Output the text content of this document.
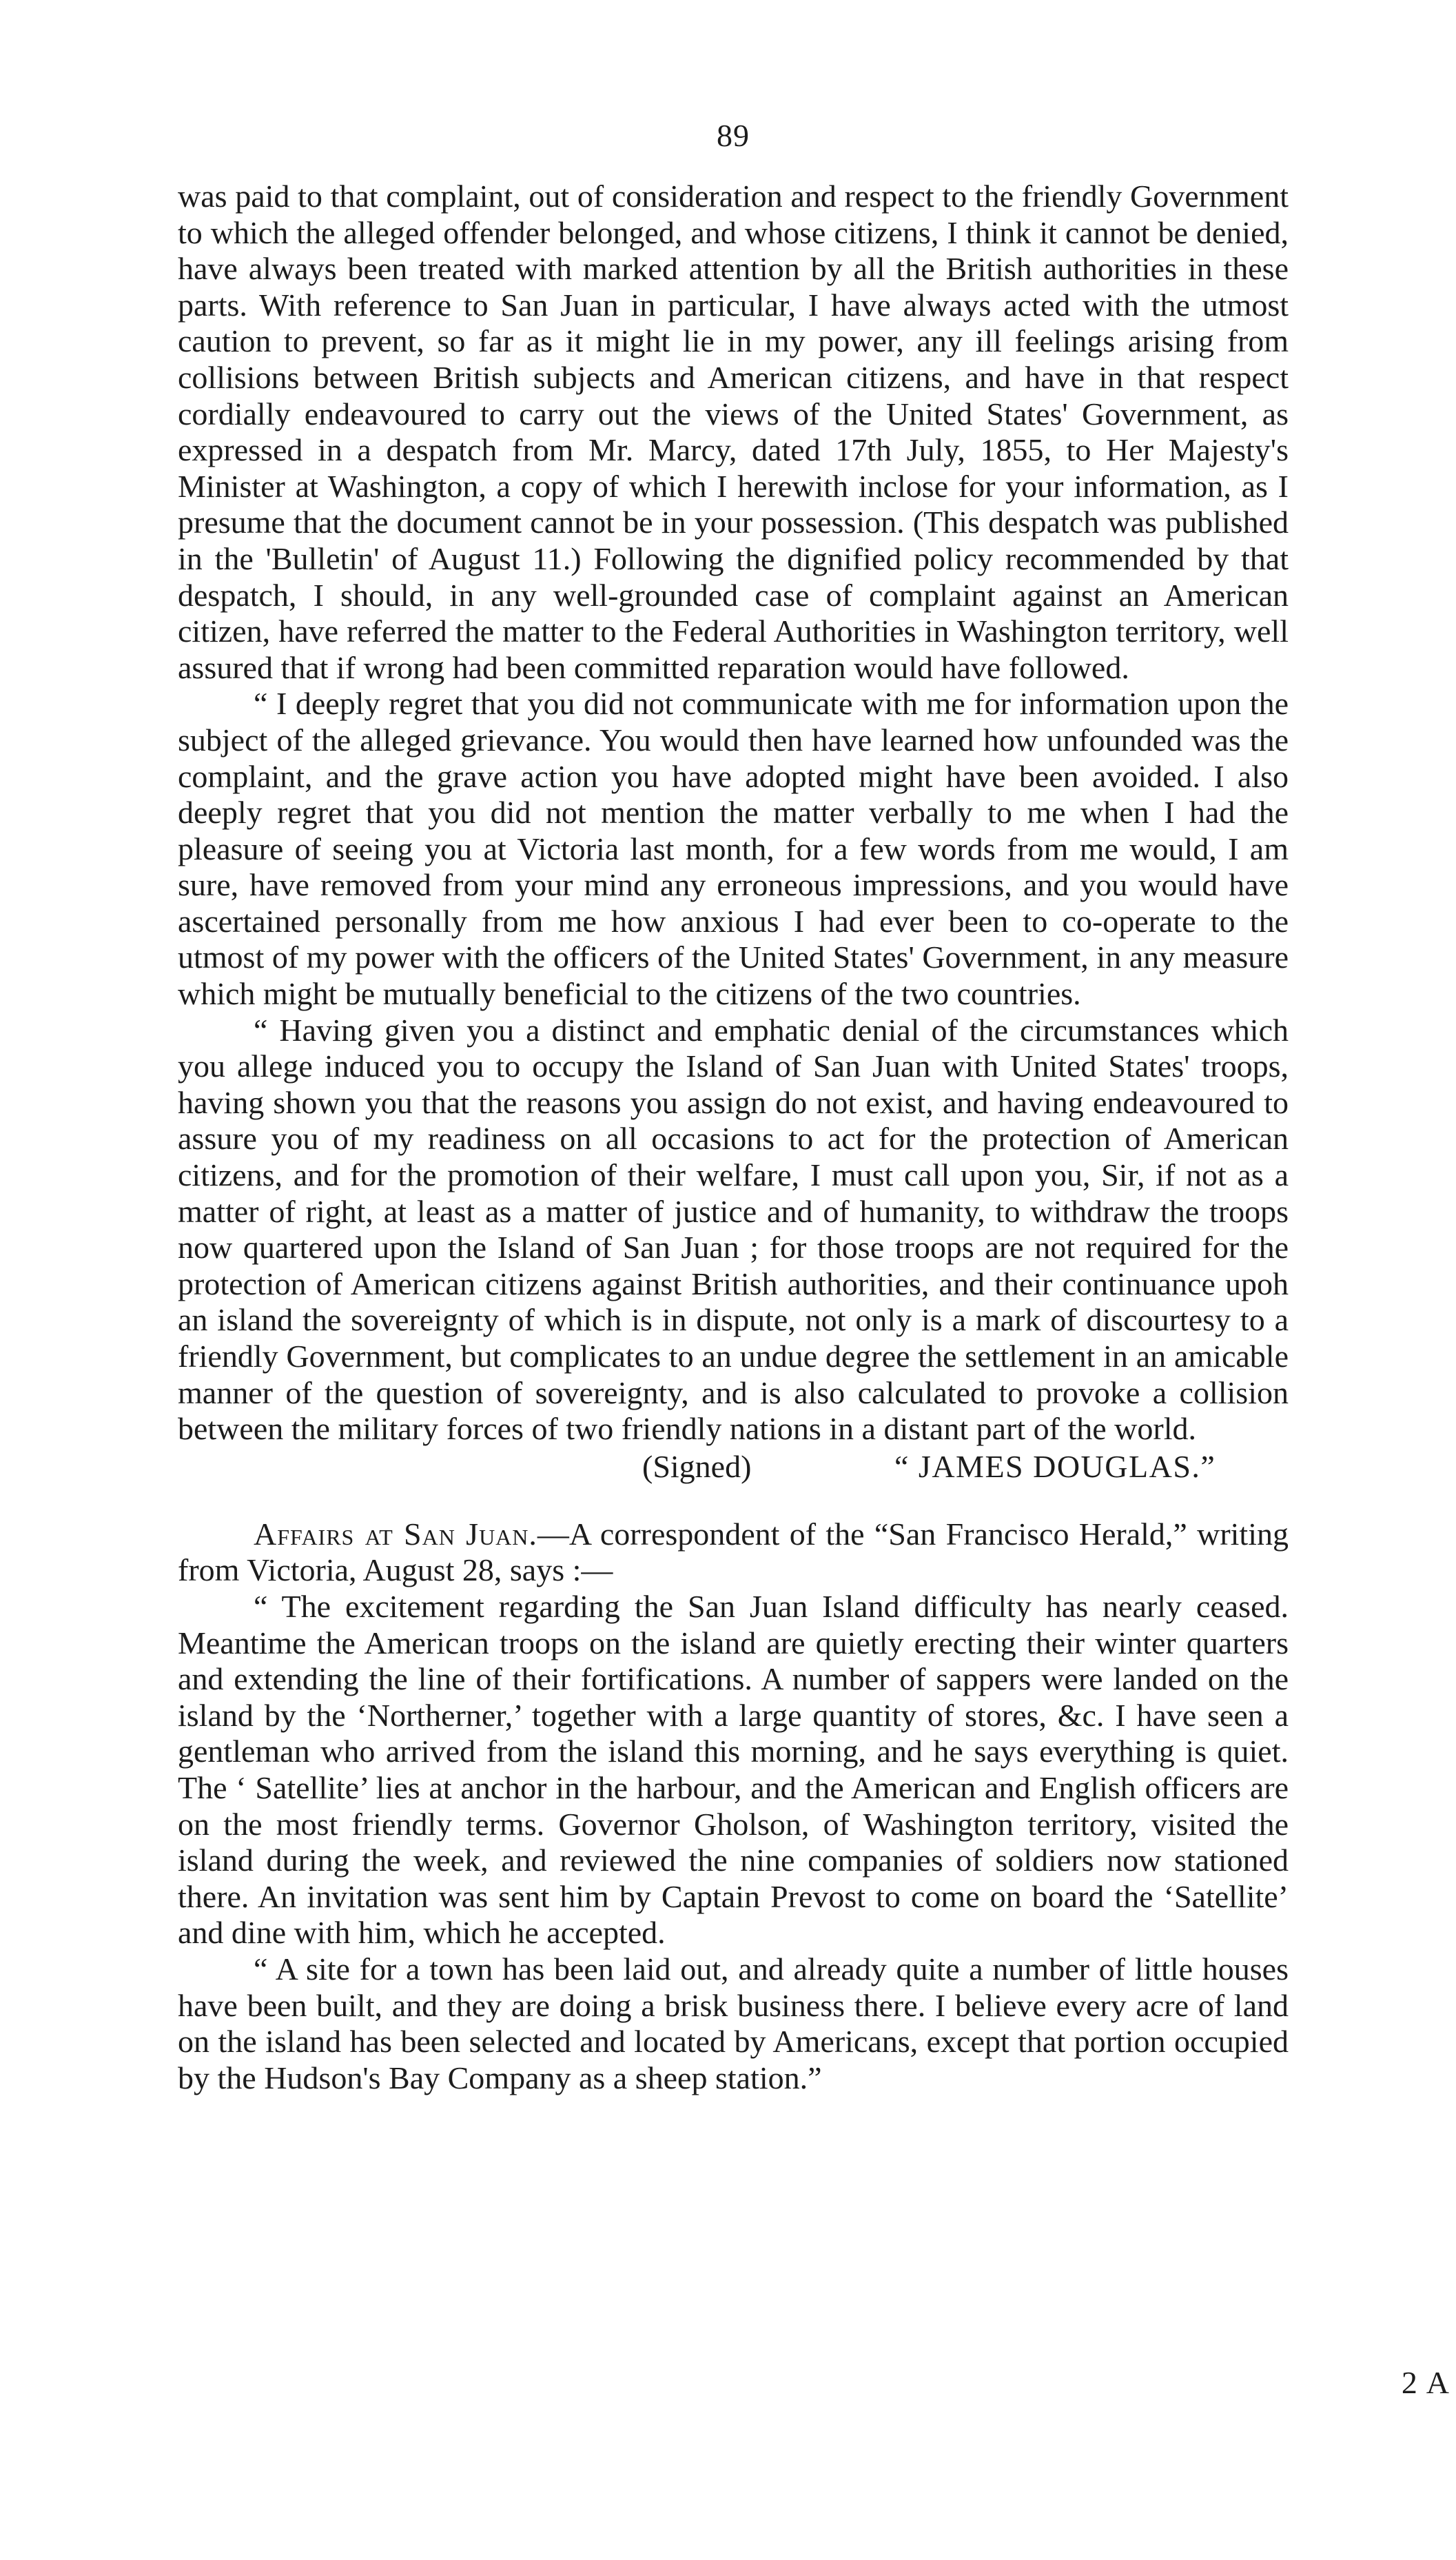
89

was paid to that complaint, out of consideration and respect to the friendly Government to which the alleged offender belonged, and whose citizens, I think it cannot be denied, have always been treated with marked attention by all the British authorities in these parts. With reference to San Juan in particular, I have always acted with the utmost caution to prevent, so far as it might lie in my power, any ill feelings arising from collisions between British subjects and American citizens, and have in that respect cordially endeavoured to carry out the views of the United States' Government, as expressed in a despatch from Mr. Marcy, dated 17th July, 1855, to Her Majesty's Minister at Washington, a copy of which I herewith inclose for your information, as I presume that the document cannot be in your possession. (This despatch was published in the 'Bulletin' of August 11.) Following the dignified policy recommended by that despatch, I should, in any well-grounded case of complaint against an American citizen, have referred the matter to the Federal Authorities in Washington territory, well assured that if wrong had been committed reparation would have followed.

“ I deeply regret that you did not communicate with me for information upon the subject of the alleged grievance. You would then have learned how unfounded was the complaint, and the grave action you have adopted might have been avoided. I also deeply regret that you did not mention the matter verbally to me when I had the pleasure of seeing you at Victoria last month, for a few words from me would, I am sure, have removed from your mind any erroneous impressions, and you would have ascertained personally from me how anxious I had ever been to co-operate to the utmost of my power with the officers of the United States' Government, in any measure which might be mutually beneficial to the citizens of the two countries.

“ Having given you a distinct and emphatic denial of the circumstances which you allege induced you to occupy the Island of San Juan with United States' troops, having shown you that the reasons you assign do not exist, and having endeavoured to assure you of my readiness on all occasions to act for the protection of American citizens, and for the promotion of their welfare, I must call upon you, Sir, if not as a matter of right, at least as a matter of justice and of humanity, to withdraw the troops now quartered upon the Island of San Juan ; for those troops are not required for the protection of American citizens against British authorities, and their continuance upoh an island the sovereignty of which is in dispute, not only is a mark of discourtesy to a friendly Government, but complicates to an undue degree the settlement in an amicable manner of the question of sovereignty, and is also calculated to provoke a collision between the military forces of two friendly nations in a distant part of the world.

(Signed)	“ JAMES DOUGLAS.”

Affairs at San Juan.—A correspondent of the “San Francisco Herald,” writing from Victoria, August 28, says :—

“ The excitement regarding the San Juan Island difficulty has nearly ceased. Meantime the American troops on the island are quietly erecting their winter quarters and extending the line of their fortifications. A number of sappers were landed on the island by the ‘Northerner,’ together with a large quantity of stores, &c. I have seen a gentleman who arrived from the island this morning, and he says everything is quiet. The ‘ Satellite’ lies at anchor in the harbour, and the American and English officers are on the most friendly terms. Governor Gholson, of Washington territory, visited the island during the week, and reviewed the nine companies of soldiers now stationed there. An invitation was sent him by Captain Prevost to come on board the ‘Satellite’ and dine with him, which he accepted.

“ A site for a town has been laid out, and already quite a number of little houses have been built, and they are doing a brisk business there. I believe every acre of land on the island has been selected and located by Americans, except that portion occupied by the Hudson's Bay Company as a sheep station.”

2 A
